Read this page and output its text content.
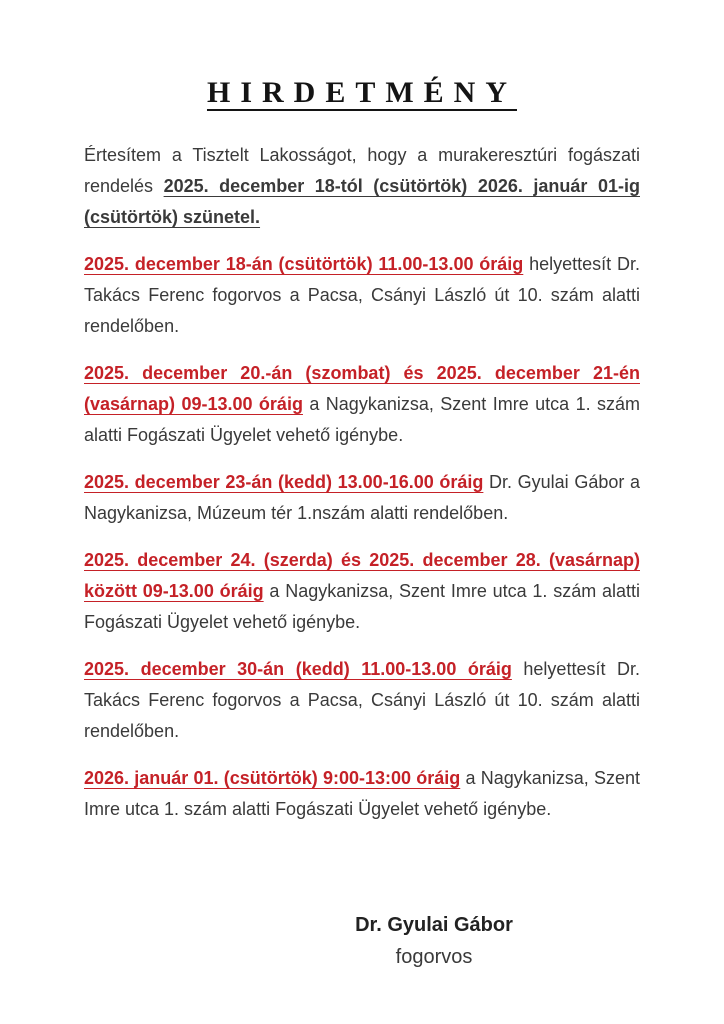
HIRDETMÉNY

Értesítem a Tisztelt Lakosságot, hogy a murakeresztúri fogászati rendelés 2025. december 18-tól (csütörtök) 2026. január 01-ig (csütörtök) szünetel.

2025. december 18-án (csütörtök) 11.00-13.00 óráig helyettesít Dr. Takács Ferenc fogorvos a Pacsa, Csányi László út 10. szám alatti rendelőben.

2025. december 20.-án (szombat) és 2025. december 21-én (vasárnap) 09-13.00 óráig a Nagykanizsa, Szent Imre utca 1. szám alatti Fogászati Ügyelet vehető igénybe.

2025. december 23-án (kedd) 13.00-16.00 óráig Dr. Gyulai Gábor a Nagykanizsa, Múzeum tér 1.nszám alatti rendelőben.

2025. december 24. (szerda) és 2025. december 28. (vasárnap) között 09-13.00 óráig a Nagykanizsa, Szent Imre utca 1. szám alatti Fogászati Ügyelet vehető igénybe.

2025. december 30-án (kedd) 11.00-13.00 óráig helyettesít Dr. Takács Ferenc fogorvos a Pacsa, Csányi László út 10. szám alatti rendelőben.

2026. január 01. (csütörtök) 9:00-13:00 óráig a Nagykanizsa, Szent Imre utca 1. szám alatti Fogászati Ügyelet vehető igénybe.

Dr. Gyulai Gábor
fogorvos
